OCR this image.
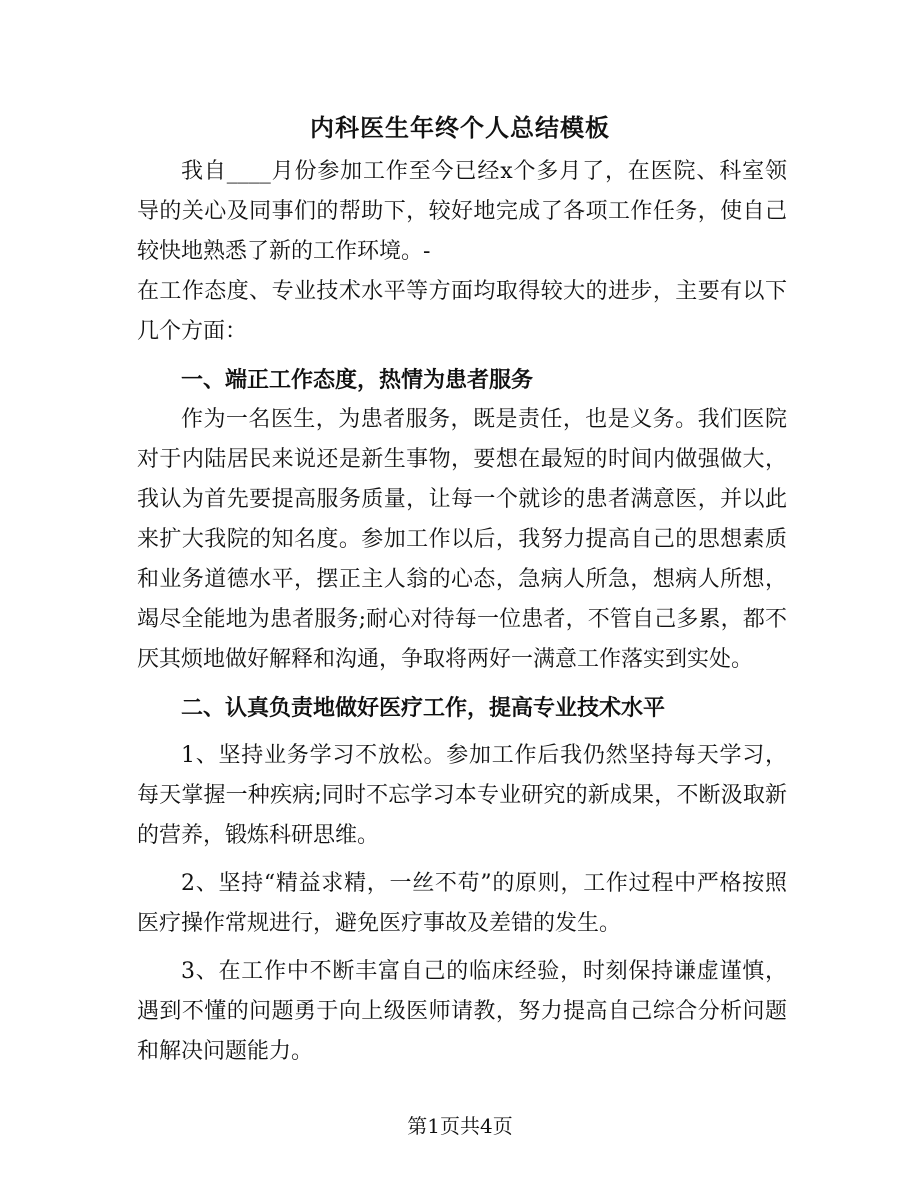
内科医生年终个人总结模板

我自____月份参加工作至今已经x个多月了，在医院、科室领导的关心及同事们的帮助下，较好地完成了各项工作任务，使自己较快地熟悉了新的工作环境。-

在工作态度、专业技术水平等方面均取得较大的进步，主要有以下几个方面：

一、端正工作态度，热情为患者服务

作为一名医生，为患者服务，既是责任，也是义务。我们医院对于内陆居民来说还是新生事物，要想在最短的时间内做强做大，我认为首先要提高服务质量，让每一个就诊的患者满意医，并以此来扩大我院的知名度。参加工作以后，我努力提高自己的思想素质和业务道德水平，摆正主人翁的心态，急病人所急，想病人所想，竭尽全能地为患者服务;耐心对待每一位患者，不管自己多累，都不厌其烦地做好解释和沟通，争取将两好一满意工作落实到实处。

二、认真负责地做好医疗工作，提高专业技术水平

1、坚持业务学习不放松。参加工作后我仍然坚持每天学习，每天掌握一种疾病;同时不忘学习本专业研究的新成果，不断汲取新的营养，锻炼科研思维。

2、坚持“精益求精，一丝不苟”的原则，工作过程中严格按照医疗操作常规进行，避免医疗事故及差错的发生。

3、在工作中不断丰富自己的临床经验，时刻保持谦虚谨慎，遇到不懂的问题勇于向上级医师请教，努力提高自己综合分析问题和解决问题能力。

第1页共4页
